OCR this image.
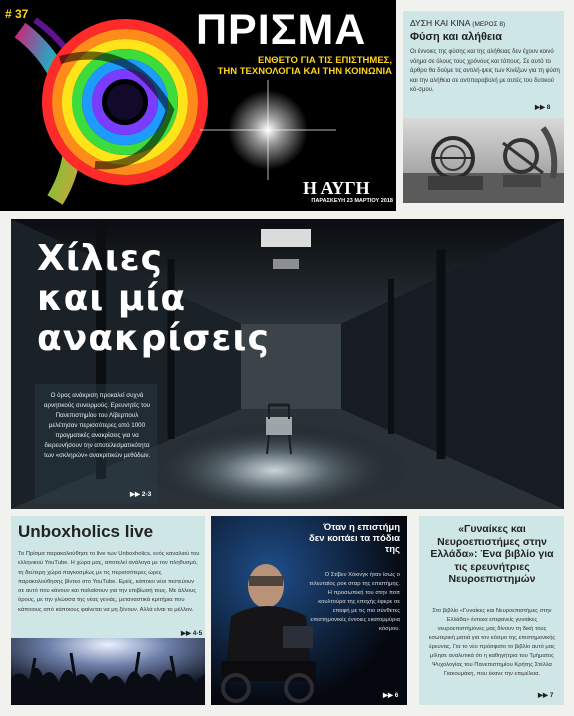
# 37	ΠΡΙΣΜΑ
ΕΝΘΕΤΟ ΓΙΑ ΤΙΣ ΕΠΙΣΤΗΜΕΣ,
ΤΗΝ ΤΕΧΝΟΛΟΓΙΑ ΚΑΙ ΤΗΝ ΚΟΙΝΩΝΙΑ
Η ΑΥΓΗ
ΠΑΡΑΣΚΕΥΗ 23 ΜΑΡΤΙΟΥ 2018
ΔΥΣΗ ΚΑΙ ΚΙΝΑ (ΜΕΡΟΣ 8)
Φύση και αλήθεια
Οι έννοιες της φύσης και της αλήθειας δεν έχουν κοινό νόημα σε όλους τους χρόνους και τόπους. Σε αυτό το άρθρο θα δούμε τις αντιλή-ψεις των Κινέζων για τη φύση και την αλήθεια σε αντιπαραβολή με αυτές του δυτικού κό-σμου.
▶▶ 8
Χίλιες
και μία
ανακρίσεις
Ο όρος ανάκριση προκαλεί συχνά αρνητικούς συνειρμούς. Ερευνητές του Πανεπιστημίου του Λίβερπουλ μελέτησαν περισσότερες από 1000 πραγματικές ανακρίσεις για να διερευνήσουν την αποτελεσματικότητα των «σκληρών» ανακριτικών μεθόδων.
▶▶ 2-3
Unboxholics live
Το Πρίσμα παρακολούθησε το live των Unboxholics, ενός καναλιού του ελληνικού YouTube. Η χώρα μας, αποτελεί ανάλογα με τον πληθυσμό, τη δεύτερη χώρα παγκοσμίως με τις περισσότερες ώρες παρακολούθησης βίντεο στο YouTube. Εμείς, κάποιοι νέοι πιστεύουν σε αυτό που κάνουν και παλαίσουν για την επιβίωσή τους. Με άλλους όρους, με την γλώσσα της νέας γενιάς, μεταναστικά κριτήρια που κάποιους από κάποιους φαίνεται να μη ξένουν. Αλλά είναι το μέλλον.
▶▶ 4-5
Όταν η επιστήμη δεν κοιτάει τα πόδια της
Ο Στίβεν Χόκινγκ ήταν ίσως ο τελευταίος ροκ σταρ της επιστήμης. Η προσωπική του στην ποπ κουλτούρα της εποχής έφερε σε επαφή με τις πιο σύνθετες επιστημονικές έννοιες εκατομμύρια κόσμου.
▶▶ 6
«Γυναίκες και Νευροεπιστήμες στην Ελλάδα»: Ένα βιβλίο για τις ερευνήτριες Νευροεπιστημών
Στο βιβλίο «Γυναίκες και Νευροεπιστήμες στην Ελλάδα» έντεκα επιφανείς γυναίκες νευροεπιστήμονες μας δίνουν τη δική τους εσωτερική ματιά για τον κόσμο της επιστημονικής έρευνας. Για το νέο πρόσφατο το βιβλίο αυτό μας μίλησε αναλυτικά ότι η καθηγήτρια του Τμήματος Ψυχολογίας του Πανεπιστημίου Κρήτης Στέλλα Γιακουμάκη, που έκανε την επιμέλεια.
▶▶ 7
